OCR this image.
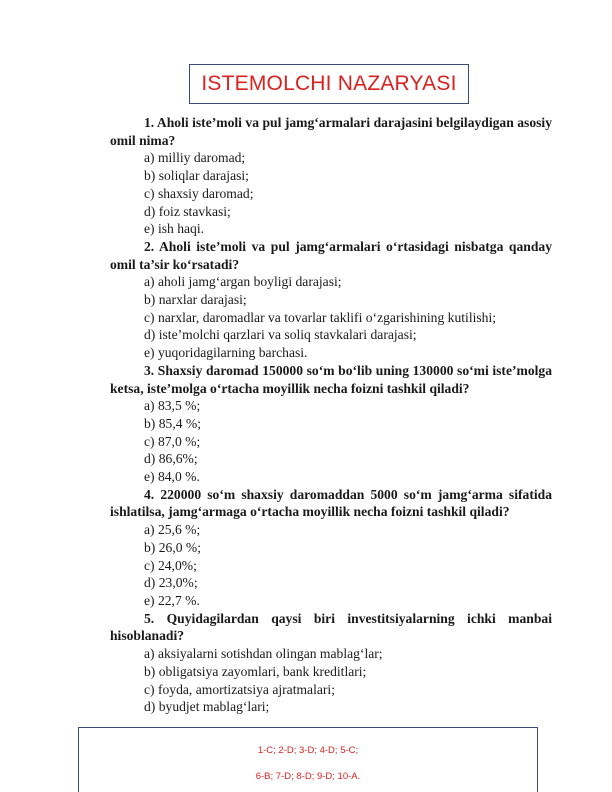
ISTEMOLCHI NAZARYASI

1. Aholi iste’moli va pul jamg‘armalari darajasini belgilaydigan asosiy omil nima?

a) milliy daromad;

b) soliqlar darajasi;

c) shaxsiy daromad;

d) foiz stavkasi;

e) ish haqi.

2. Aholi iste’moli va pul jamg‘armalari o‘rtasidagi nisbatga qanday omil ta’sir ko‘rsatadi?

a) aholi jamg‘argan boyligi darajasi;

b) narxlar darajasi;

c) narxlar, daromadlar va tovarlar taklifi o‘zgarishining kutilishi;

d) iste’molchi qarzlari va soliq stavkalari darajasi;

e) yuqoridagilarning barchasi.

3. Shaxsiy daromad 150000 so‘m bo‘lib uning 130000 so‘mi iste’molga ketsa, iste’molga o‘rtacha moyillik necha foizni tashkil qiladi?

a) 83,5 %;

b) 85,4 %;

c) 87,0 %;

d) 86,6%;

e) 84,0 %.

4. 220000 so‘m shaxsiy daromaddan 5000 so‘m jamg‘arma sifatida ishlatilsa, jamg‘armaga o‘rtacha moyillik necha foizni tashkil qiladi?

a) 25,6 %;

b) 26,0 %;

c) 24,0%;

d) 23,0%;

e) 22,7 %.

5. Quyidagilardan qaysi biri investitsiyalarning ichki manbai hisoblanadi?

a) aksiyalarni sotishdan olingan mablag‘lar;

b) obligatsiya zayomlari, bank kreditlari;

c) foyda, amortizatsiya ajratmalari;

d) byudjet mablag‘lari;

1-C; 2-D; 3-D; 4-D; 5-C;
6-B; 7-D; 8-D; 9-D; 10-A.
